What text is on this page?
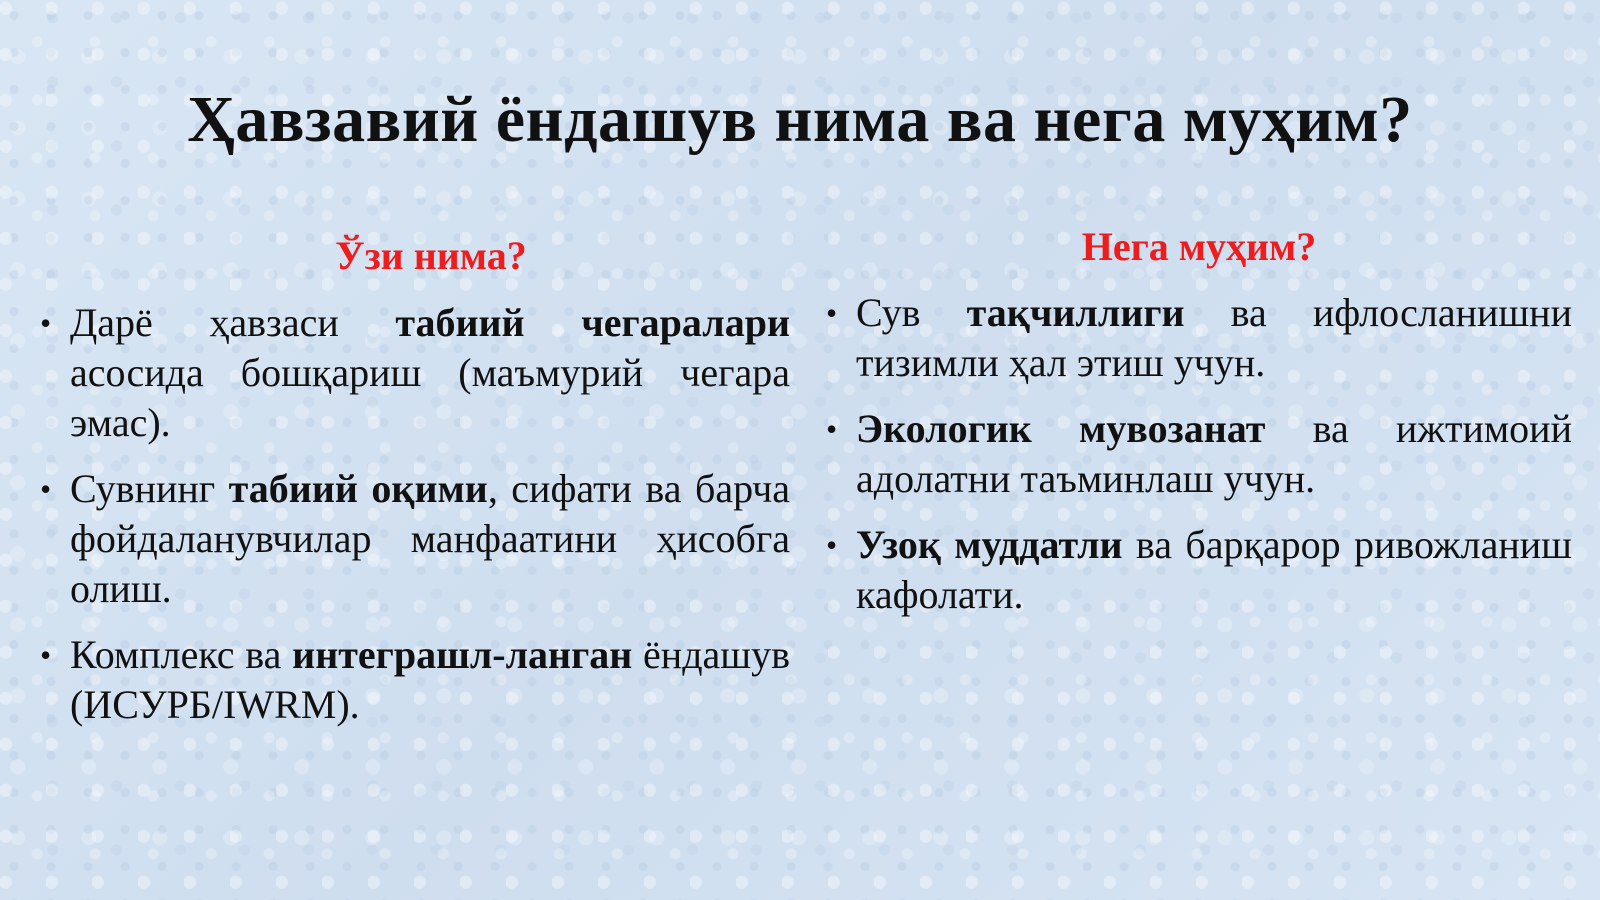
Ҳавзавий ёндашув нима ва нега муҳим?
Ўзи нима?
• Дарё ҳавзаси табиий чегаралари асосида бошқариш (маъмурий чегара эмас).
• Сувнинг табиий оқими, сифати ва барча фойдаланувчилар манфаатини ҳисобга олиш.
• Комплекс ва интеграшл-ланган ёндашув (ИСУРБ/IWRM).
Нега муҳим?
• Сув тақчиллиги ва ифлосланишни тизимли ҳал этиш учун.
• Экологик мувозанат ва ижтимоий адолатни таъминлаш учун.
• Узоқ муддатли ва барқарор ривожланиш кафолати.
